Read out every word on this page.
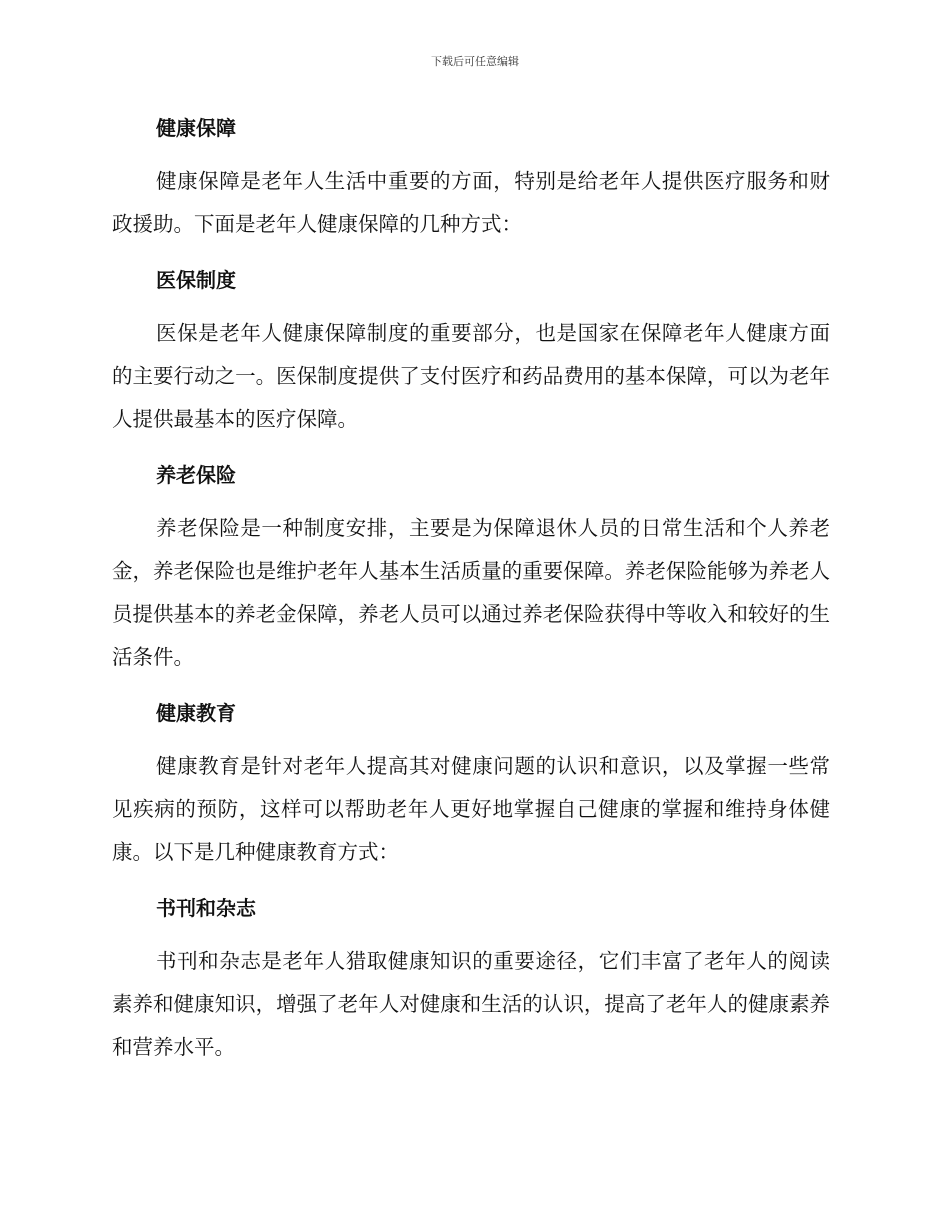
下载后可任意编辑
健康保障

健康保障是老年人生活中重要的方面，特别是给老年人提供医疗服务和财政援助。下面是老年人健康保障的几种方式：

医保制度

医保是老年人健康保障制度的重要部分，也是国家在保障老年人健康方面的主要行动之一。医保制度提供了支付医疗和药品费用的基本保障，可以为老年人提供最基本的医疗保障。

养老保险

养老保险是一种制度安排，主要是为保障退休人员的日常生活和个人养老金，养老保险也是维护老年人基本生活质量的重要保障。养老保险能够为养老人员提供基本的养老金保障，养老人员可以通过养老保险获得中等收入和较好的生活条件。

健康教育

健康教育是针对老年人提高其对健康问题的认识和意识，以及掌握一些常见疾病的预防，这样可以帮助老年人更好地掌握自己健康的掌握和维持身体健康。以下是几种健康教育方式：

书刊和杂志

书刊和杂志是老年人猎取健康知识的重要途径，它们丰富了老年人的阅读素养和健康知识，增强了老年人对健康和生活的认识，提高了老年人的健康素养和营养水平。
